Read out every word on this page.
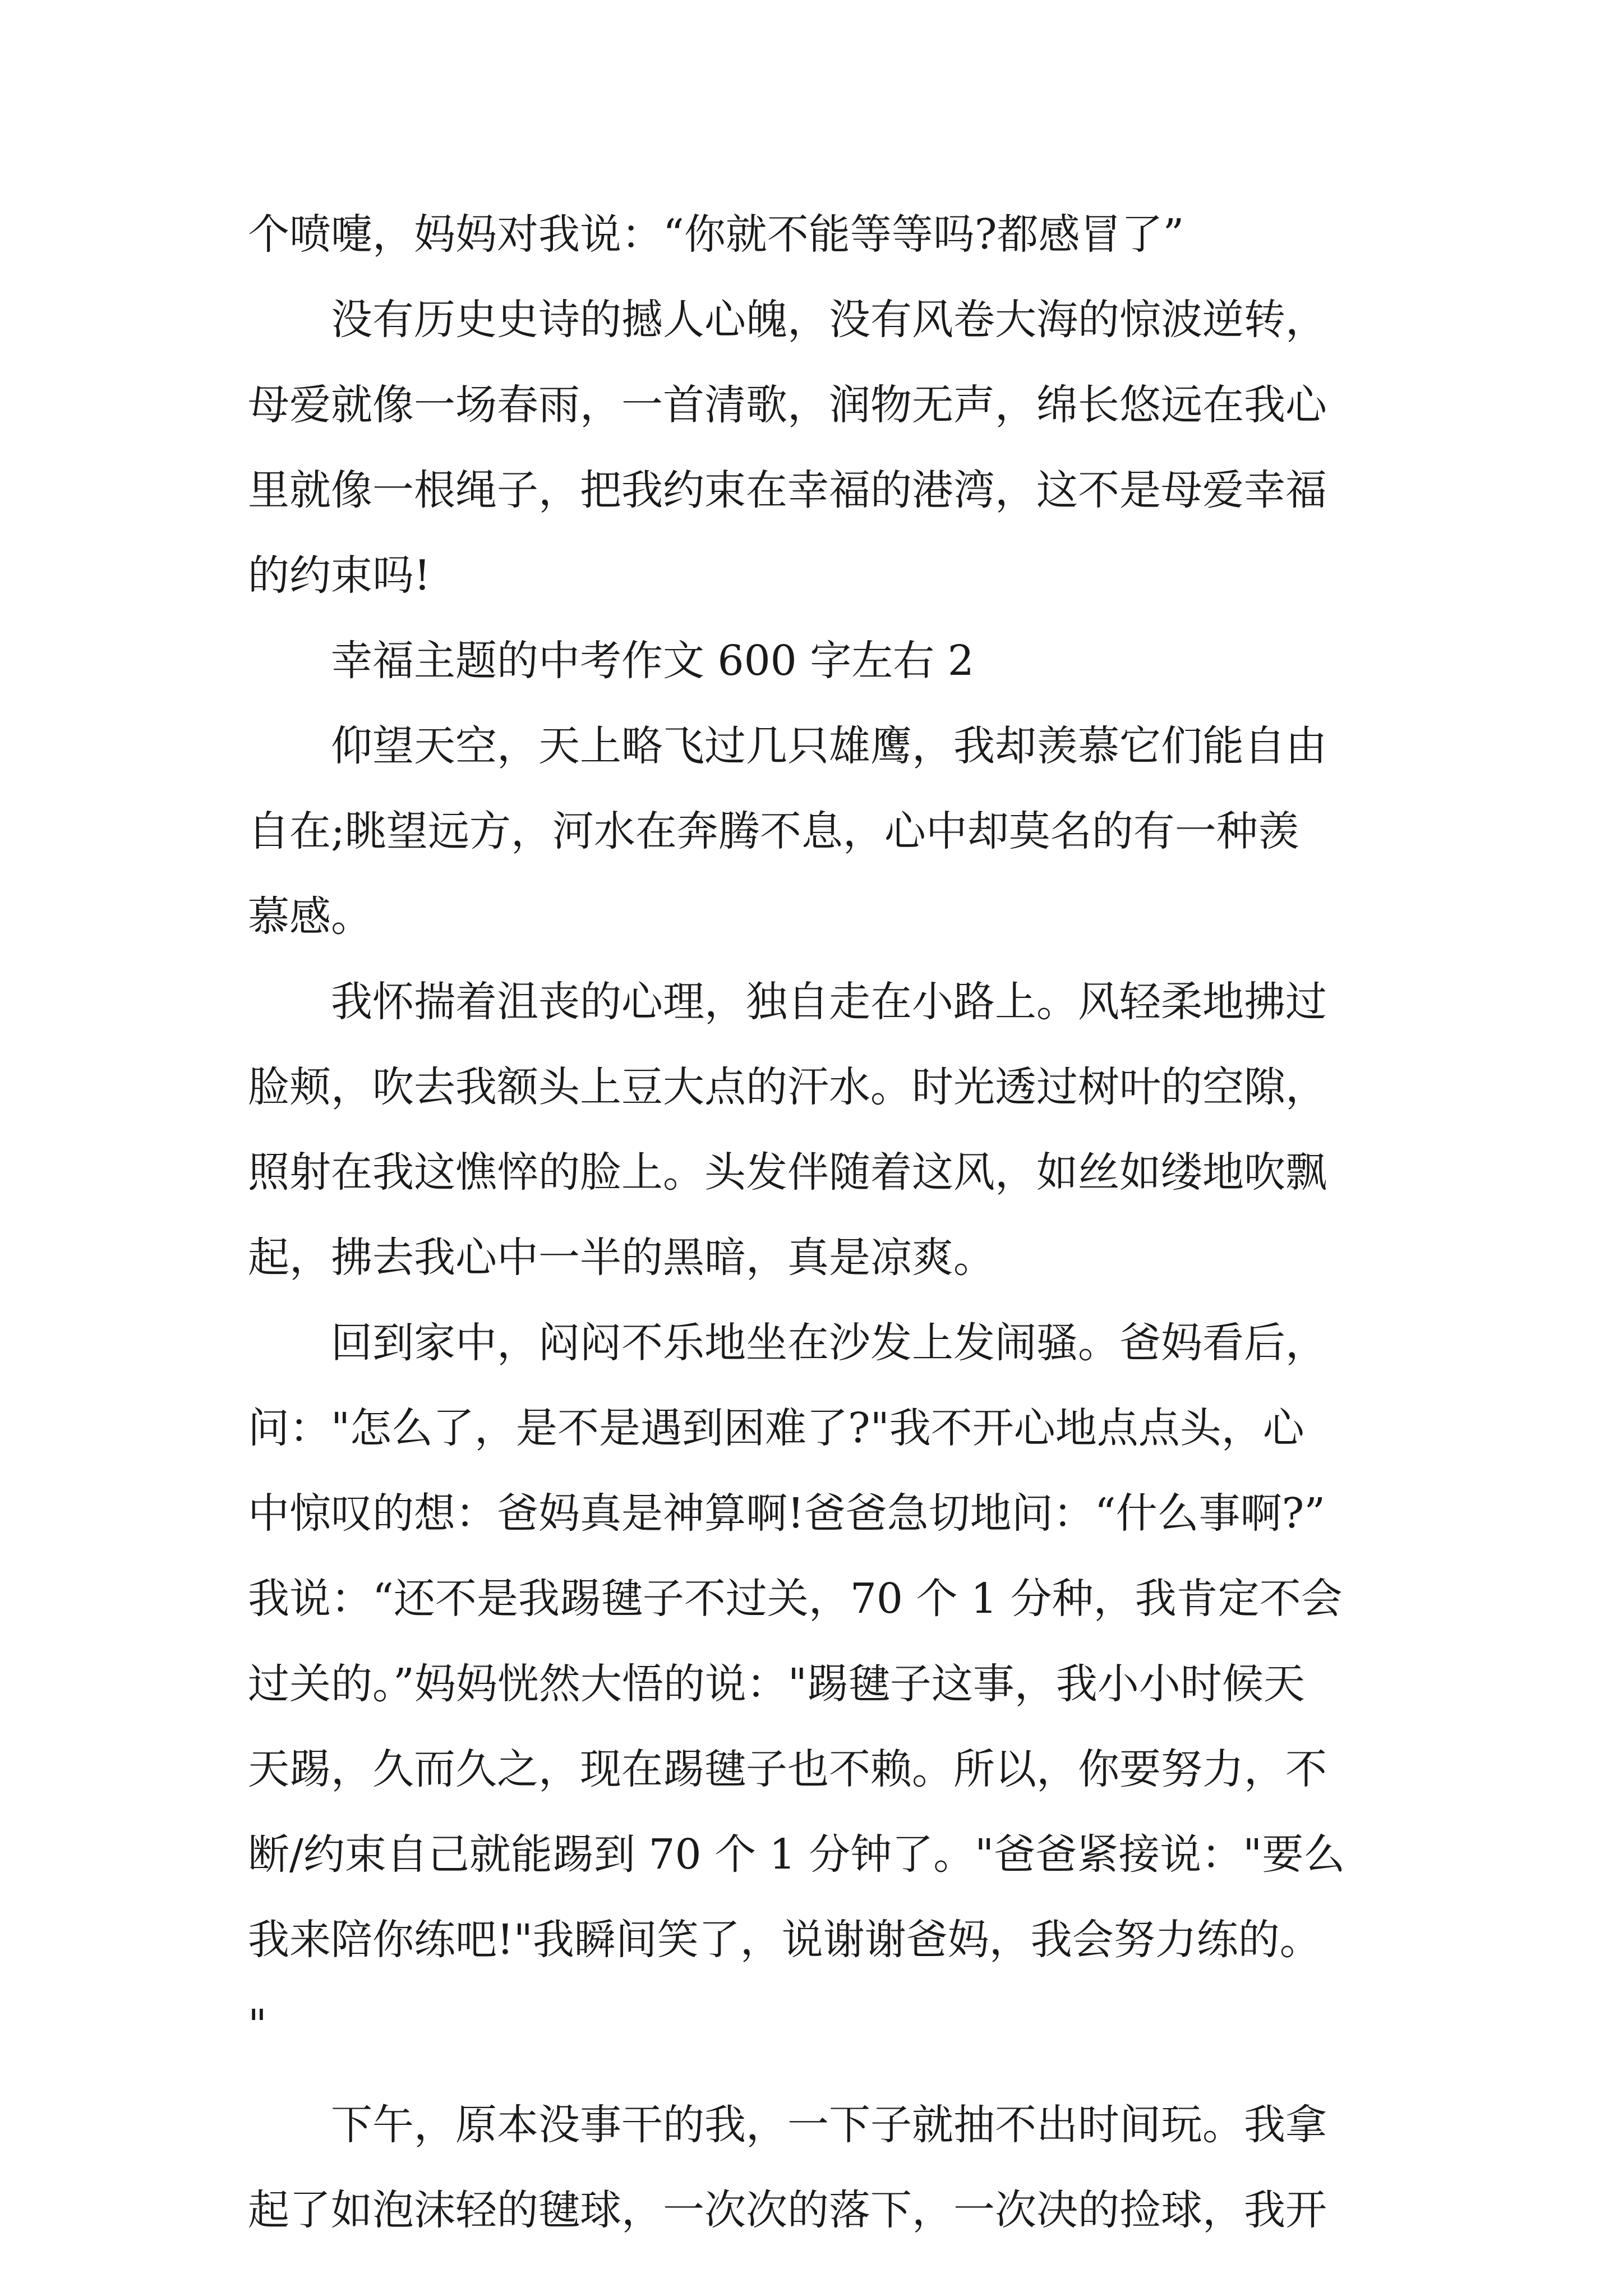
个喷嚏，妈妈对我说：“你就不能等等吗?都感冒了”
没有历史史诗的撼人心魄，没有风卷大海的惊波逆转，
母爱就像一场春雨，一首清歌，润物无声，绵长悠远在我心
里就像一根绳子，把我约束在幸福的港湾，这不是母爱幸福
的约束吗!
幸福主题的中考作文 600 字左右 2
仰望天空，天上略飞过几只雄鹰，我却羡慕它们能自由
自在;眺望远方，河水在奔腾不息，心中却莫名的有一种羡
慕感。
我怀揣着沮丧的心理，独自走在小路上。风轻柔地拂过
脸颊，吹去我额头上豆大点的汗水。时光透过树叶的空隙，
照射在我这憔悴的脸上。头发伴随着这风，如丝如缕地吹飘
起，拂去我心中一半的黑暗，真是凉爽。
回到家中，闷闷不乐地坐在沙发上发闹骚。爸妈看后，
问："怎么了，是不是遇到困难了?"我不开心地点点头，心
中惊叹的想：爸妈真是神算啊!爸爸急切地问：“什么事啊?”
我说：“还不是我踢毽子不过关，70 个 1 分种，我肯定不会
过关的。”妈妈恍然大悟的说："踢毽子这事，我小小时候天
天踢，久而久之，现在踢毽子也不赖。所以，你要努力，不
断/约束自己就能踢到 70 个 1 分钟了。"爸爸紧接说："要么
我来陪你练吧!"我瞬间笑了，说谢谢爸妈，我会努力练的。
"
下午，原本没事干的我，一下子就抽不出时间玩。我拿
起了如泡沫轻的毽球，一次次的落下，一次决的捡球，我开
